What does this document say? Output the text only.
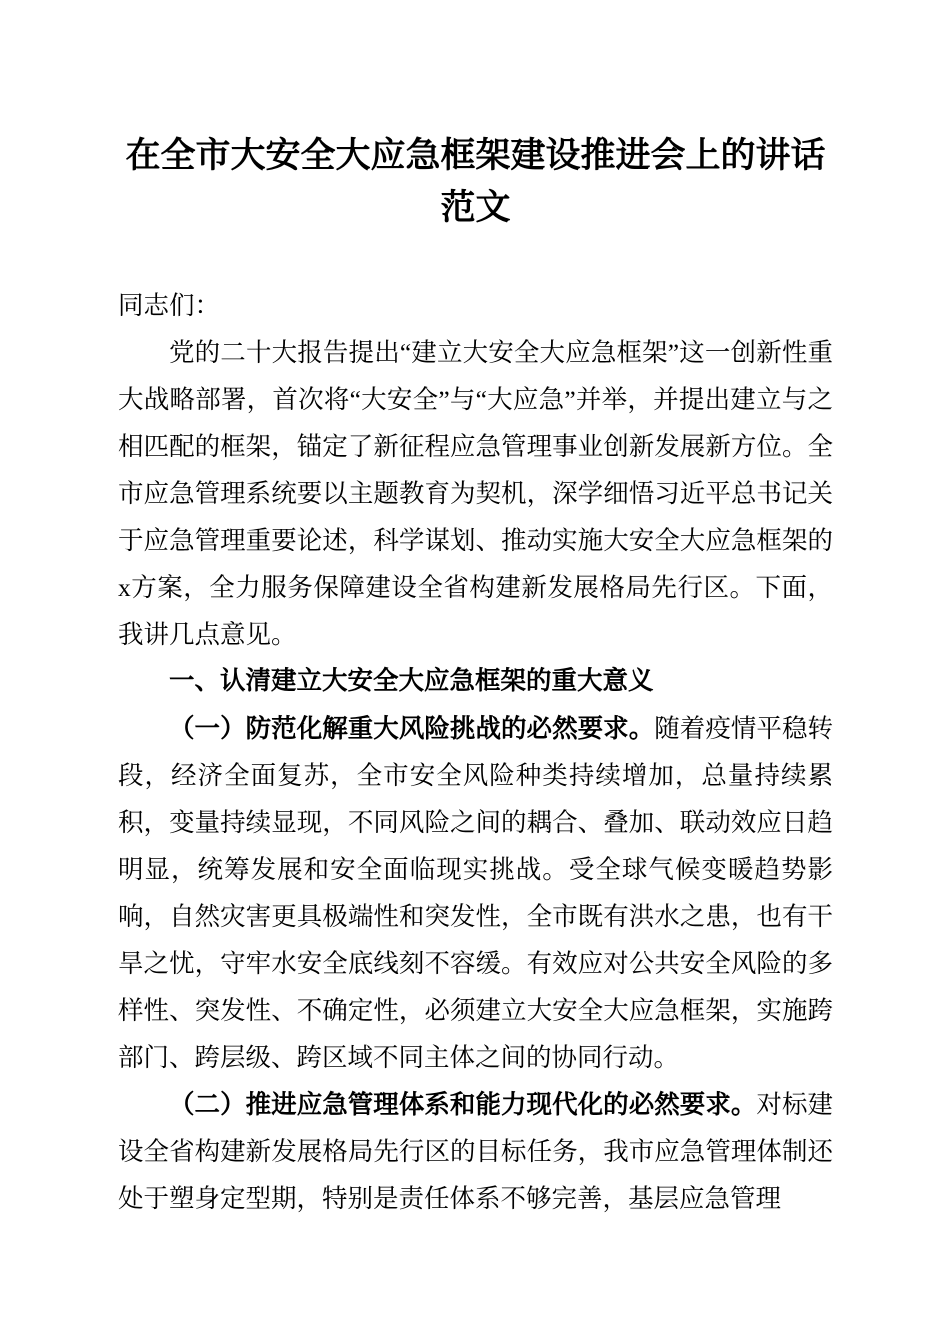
在全市大安全大应急框架建设推进会上的讲话
范文

同志们：

党的二十大报告提出“建立大安全大应急框架”这一创新性重大战略部署，首次将“大安全”与“大应急”并举，并提出建立与之相匹配的框架，锚定了新征程应急管理事业创新发展新方位。全市应急管理系统要以主题教育为契机，深学细悟习近平总书记关于应急管理重要论述，科学谋划、推动实施大安全大应急框架的x方案，全力服务保障建设全省构建新发展格局先行区。下面，我讲几点意见。

一、认清建立大安全大应急框架的重大意义

（一）防范化解重大风险挑战的必然要求。随着疫情平稳转段，经济全面复苏，全市安全风险种类持续增加，总量持续累积，变量持续显现，不同风险之间的耦合、叠加、联动效应日趋明显，统筹发展和安全面临现实挑战。受全球气候变暖趋势影响，自然灾害更具极端性和突发性，全市既有洪水之患，也有干旱之忧，守牢水安全底线刻不容缓。有效应对公共安全风险的多样性、突发性、不确定性，必须建立大安全大应急框架，实施跨部门、跨层级、跨区域不同主体之间的协同行动。

（二）推进应急管理体系和能力现代化的必然要求。对标建设全省构建新发展格局先行区的目标任务，我市应急管理体制还处于塑身定型期，特别是责任体系不够完善，基层应急管理
